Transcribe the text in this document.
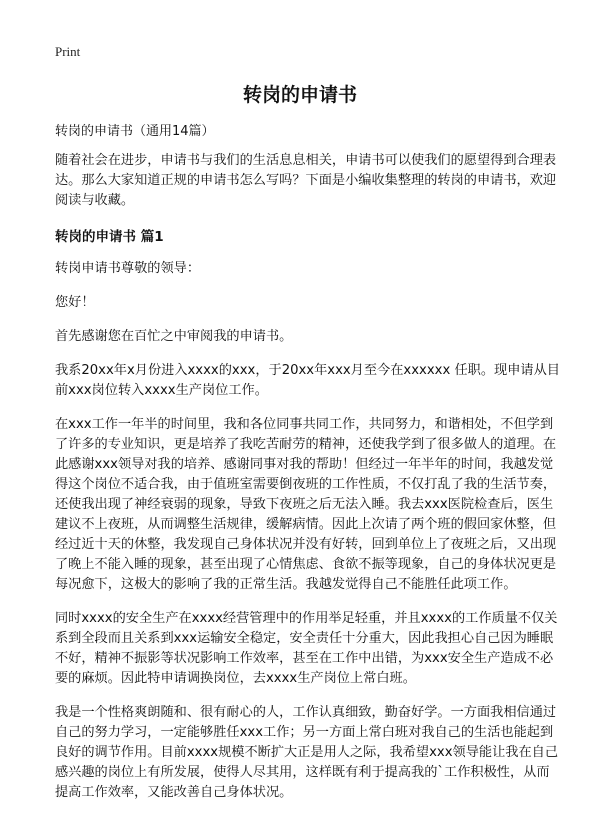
Print
转岗的申请书
转岗的申请书（通用14篇）

随着社会在进步，申请书与我们的生活息息相关，申请书可以使我们的愿望得到合理表达。那么大家知道正规的申请书怎么写吗？下面是小编收集整理的转岗的申请书，欢迎阅读与收藏。

转岗的申请书 篇1

转岗申请书尊敬的领导：

您好！

首先感谢您在百忙之中审阅我的申请书。

我系20xx年x月份进入xxxx的xxx，于20xx年xxx月至今在xxxxxx 任职。现申请从目前xxx岗位转入xxxx生产岗位工作。

在xxx工作一年半的时间里，我和各位同事共同工作，共同努力，和谐相处，不但学到了许多的专业知识，更是培养了我吃苦耐劳的精神，还使我学到了很多做人的道理。在此感谢xxx领导对我的培养、感谢同事对我的帮助！但经过一年半年的时间，我越发觉得这个岗位不适合我，由于值班室需要倒夜班的工作性质，不仅打乱了我的生活节奏，还使我出现了神经衰弱的现象，导致下夜班之后无法入睡。我去xxx医院检查后，医生建议不上夜班，从而调整生活规律，缓解病情。因此上次请了两个班的假回家休整，但经过近十天的休整，我发现自己身体状况并没有好转，回到单位上了夜班之后，又出现了晚上不能入睡的现象，甚至出现了心情焦虑、食欲不振等现象，自己的身体状况更是每况愈下，这极大的影响了我的正常生活。我越发觉得自己不能胜任此项工作。

同时xxxx的安全生产在xxxx经营管理中的作用举足轻重，并且xxxx的工作质量不仅关系到全段而且关系到xxx运输安全稳定，安全责任十分重大，因此我担心自己因为睡眠不好，精神不振影等状况影响工作效率，甚至在工作中出错，为xxx安全生产造成不必要的麻烦。因此特申请调换岗位，去xxxx生产岗位上常白班。

我是一个性格爽朗随和、很有耐心的人，工作认真细致，勤奋好学。一方面我相信通过自己的努力学习，一定能够胜任xxx工作；另一方面上常白班对我自己的生活也能起到良好的调节作用。目前xxxx规模不断扩大正是用人之际，我希望xxx领导能让我在自己感兴趣的岗位上有所发展，使得人尽其用，这样既有利于提高我的`工作积极性，从而提高工作效率，又能改善自己身体状况。
